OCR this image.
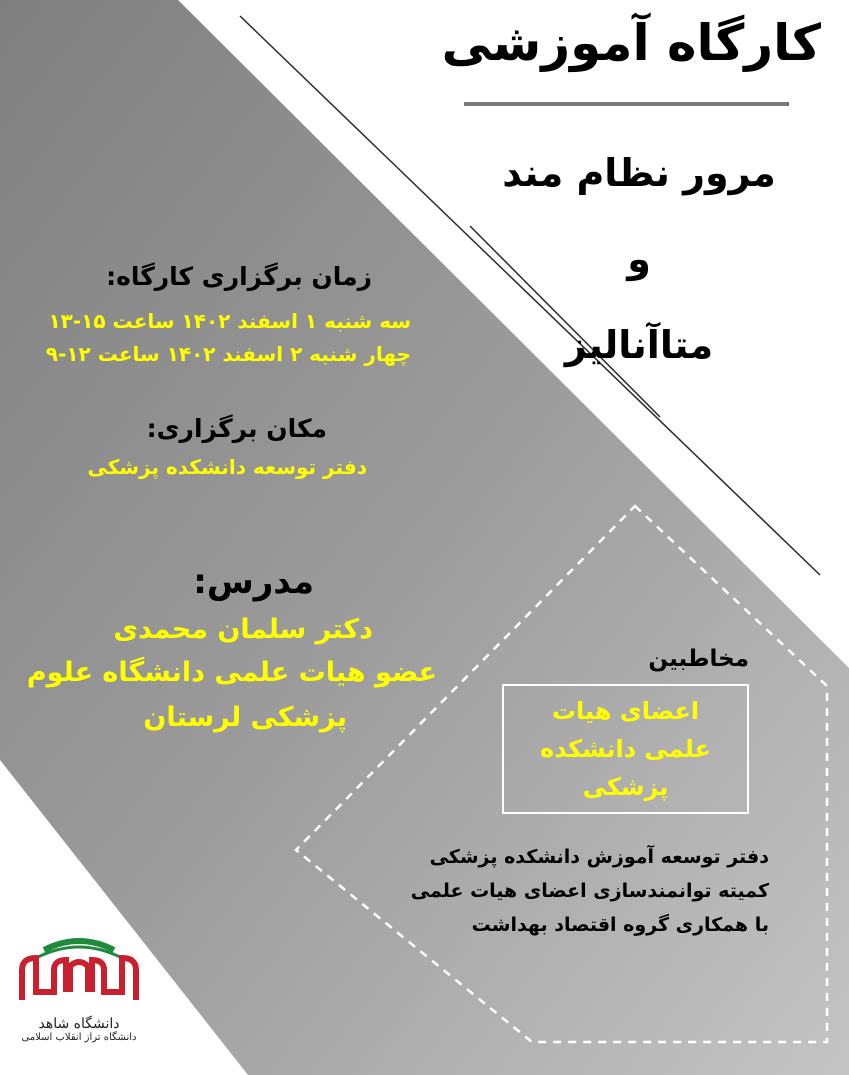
کارگاه آموزشی
مرور نظام مند و
متاآنالیز
زمان برگزاری کارگاه:
سه شنبه ۱ اسفند ۱۴۰۲ ساعت ۱۵-۱۳
چهار شنبه ۲ اسفند ۱۴۰۲ ساعت ۱۲-۹
مکان برگزاری:
دفتر توسعه دانشکده پزشکی
مدرس:
دکتر سلمان محمدی
عضو هیات علمی دانشگاه علوم
پزشکی لرستان
مخاطبین
اعضای هیات
علمی دانشکده
پزشکی
دفتر توسعه آموزش دانشکده پزشکی
کمیته توانمندسازی اعضای هیات علمی
با همکاری گروه اقتصاد بهداشت
دانشگاه شاهد
دانشگاه تراز انقلاب اسلامی
